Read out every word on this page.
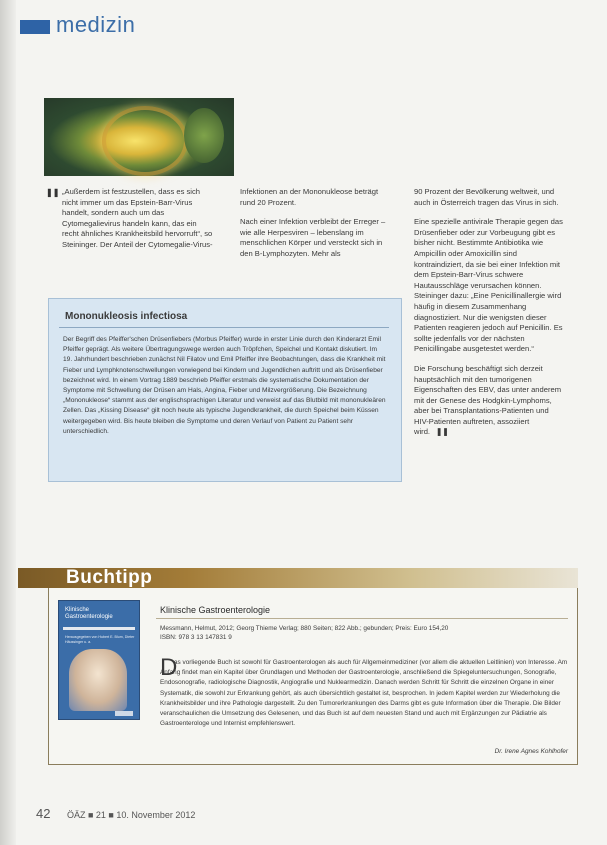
medizin
❚❚ „Außerdem ist festzustellen, dass es sich nicht immer um das Epstein-Barr-Virus handelt, sondern auch um das Cytomegalievirus handeln kann, das ein recht ähnliches Krankheitsbild hervorruft“, so Steininger. Der Anteil der Cytomegalie-Virus-

Infektionen an der Mononukleose beträgt rund 20 Prozent.

Nach einer Infektion verbleibt der Erreger – wie alle Herpesviren – lebenslang im menschlichen Körper und versteckt sich in den B-Lymphozyten. Mehr als

90 Prozent der Bevölkerung weltweit, und auch in Österreich tragen das Virus in sich.

Eine spezielle antivirale Therapie gegen das Drüsenfieber oder zur Vorbeugung gibt es bisher nicht. Bestimmte Antibiotika wie Ampicillin oder Amoxicillin sind kontraindiziert, da sie bei einer Infektion mit dem Epstein-Barr-Virus schwere Hautausschläge verursachen können. Steininger dazu: „Eine Penicillinallergie wird häufig in diesem Zusammenhang diagnostiziert. Nur die wenigsten dieser Patienten reagieren jedoch auf Penicillin. Es sollte jedenfalls vor der nächsten Penicillingabe ausgetestet werden.“

Die Forschung beschäftigt sich derzeit hauptsächlich mit den tumorigenen Eigenschaften des EBV, das unter anderem mit der Genese des Hodgkin-Lymphoms, aber bei Transplantations-Patienten und HIV-Patienten auftreten, assoziiert wird. ❚❚

Mononukleosis infectiosa
Der Begriff des Pfeiffer'schen Drüsenfiebers (Morbus Pfeiffer) wurde in erster Linie durch den Kinderarzt Emil Pfeiffer geprägt. Als weitere Übertragungswege werden auch Tröpfchen, Speichel und Kontakt diskutiert. Im 19. Jahrhundert beschrieben zunächst Nil Filatov und Emil Pfeiffer ihre Beobachtungen, dass die Krankheit mit Fieber und Lymphknotenschwellungen vorwiegend bei Kindern und Jugendlichen auftritt und als Drüsenfieber bezeichnet wird. In einem Vortrag 1889 beschrieb Pfeiffer erstmals die systematische Dokumentation der Symptome mit Schwellung der Drüsen am Hals, Angina, Fieber und Milzvergrößerung. Die Bezeichnung „Mononukleose“ stammt aus der englischsprachigen Literatur und verweist auf das Blutbild mit mononukleären Zellen. Das „Kissing Disease“ gilt noch heute als typische Jugendkrankheit, die durch Speichel beim Küssen weitergegeben wird. Bis heute bleiben die Symptome und deren Verlauf von Patient zu Patient sehr unterschiedlich.
Buchtipp
Klinische Gastroenterologie
Herausgegeben von Hubert E. Blum, Dieter Häussinger u. a.
Klinische Gastroenterologie
Messmann, Helmut, 2012; Georg Thieme Verlag; 880 Seiten; 822 Abb.; gebunden; Preis: Euro 154,20
ISBN: 978 3 13 147831 9
D
as vorliegende Buch ist sowohl für Gastroenterologen als auch für Allgemeinmediziner (vor allem die aktuellen Leitlinien) von Interesse. Am Anfang findet man ein Kapitel über Grundlagen und Methoden der Gastroenterologie, anschließend die Spiegeluntersuchungen, Sonografie, Endosonografie, radiologische Diagnostik, Angiografie und Nuklearmedizin. Danach werden Schritt für Schritt die einzelnen Organe in einer Systematik, die sowohl zur Erkrankung gehört, als auch übersichtlich gestaltet ist, besprochen. In jedem Kapitel werden zur Wiederholung die Krankheitsbilder und ihre Pathologie dargestellt. Zu den Tumorerkrankungen des Darms gibt es gute Information über die Therapie. Die Bilder veranschaulichen die Umsetzung des Gelesenen, und das Buch ist auf dem neuesten Stand und auch mit Ergänzungen zur Pädiatrie als Gastroenterologe und Internist empfehlenswert.
Dr. Irene Agnes Kohlhofer
42 ÖÄZ ■ 21 ■ 10. November 2012
